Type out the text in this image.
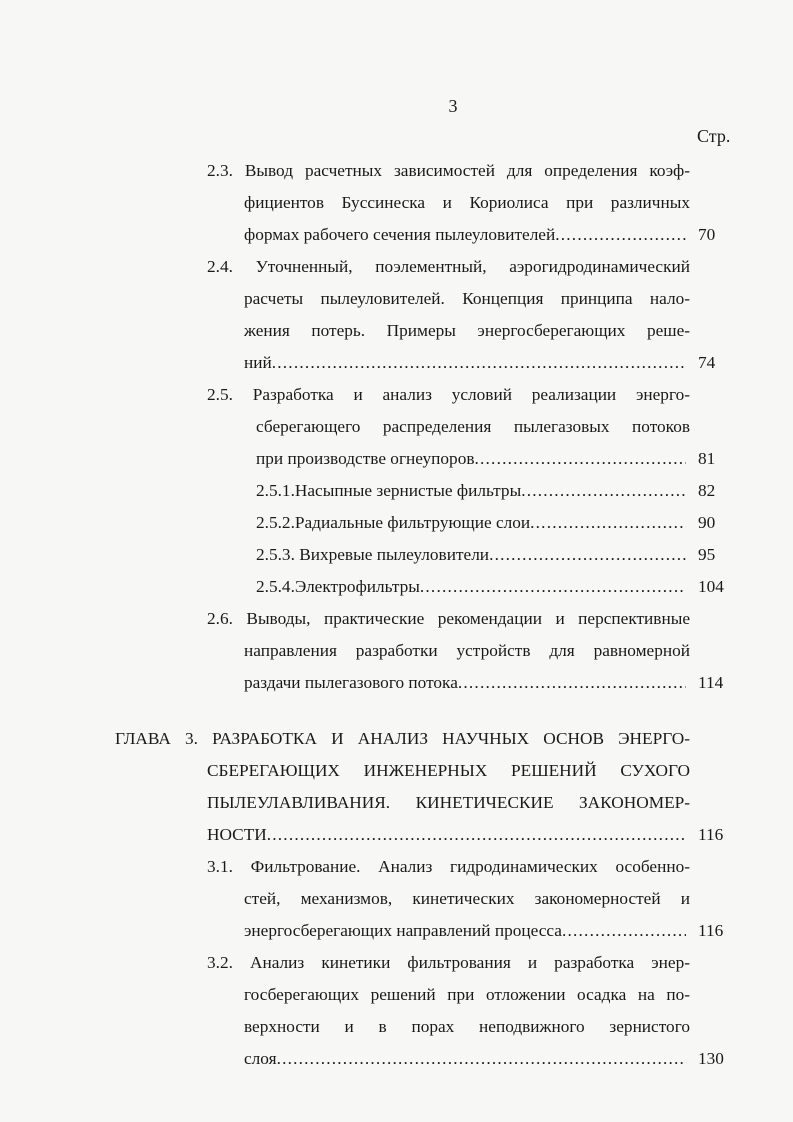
3
Стр.
2.3. Вывод расчетных зависимостей для определения коэф-
фициентов Буссинеска и Кориолиса при различных
формах рабочего сечения пылеуловителей .....	70
2.4. Уточненный, поэлементный, аэрогидродинамический
расчеты пылеуловителей. Концепция принципа нало-
жения потерь. Примеры энергосберегающих реше-
ний .....	74
2.5. Разработка и анализ условий реализации энерго-
сберегающего распределения пылегазовых потоков
при производстве огнеупоров .....	81
2.5.1.Насыпные зернистые фильтры .....	82
2.5.2.Радиальные фильтрующие слои .....	90
2.5.3. Вихревые пылеуловители .....	95
2.5.4.Электрофильтры .....	104
2.6. Выводы, практические рекомендации и перспективные
направления разработки устройств для равномерной
раздачи пылегазового потока .....	114
ГЛАВА 3. РАЗРАБОТКА И АНАЛИЗ НАУЧНЫХ ОСНОВ ЭНЕРГО-
СБЕРЕГАЮЩИХ ИНЖЕНЕРНЫХ РЕШЕНИЙ СУХОГО
ПЫЛЕУЛАВЛИВАНИЯ. КИНЕТИЧЕСКИЕ ЗАКОНОМЕР-
НОСТИ .....	116
3.1. Фильтрование. Анализ гидродинамических особенно-
стей, механизмов, кинетических закономерностей и
энергосберегающих направлений процесса .....	116
3.2. Анализ кинетики фильтрования и разработка энер-
госберегающих решений при отложении осадка на по-
верхности и в порах неподвижного зернистого
слоя .....	130
